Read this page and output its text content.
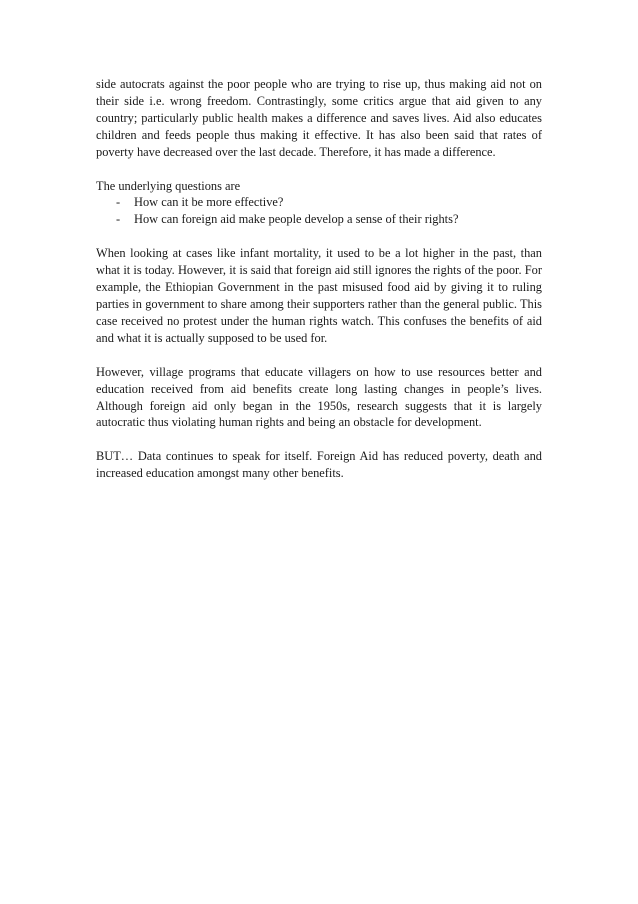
side autocrats against the poor people who are trying to rise up, thus making aid not on their side i.e. wrong freedom. Contrastingly, some critics argue that aid given to any country; particularly public health makes a difference and saves lives. Aid also educates children and feeds people thus making it effective. It has also been said that rates of poverty have decreased over the last decade. Therefore, it has made a difference.

The underlying questions are

-	How can it be more effective?
-	How can foreign aid make people develop a sense of their rights?

When looking at cases like infant mortality, it used to be a lot higher in the past, than what it is today. However, it is said that foreign aid still ignores the rights of the poor. For example, the Ethiopian Government in the past misused food aid by giving it to ruling parties in government to share among their supporters rather than the general public. This case received no protest under the human rights watch. This confuses the benefits of aid and what it is actually supposed to be used for.

However, village programs that educate villagers on how to use resources better and education received from aid benefits create long lasting changes in people’s lives. Although foreign aid only began in the 1950s, research suggests that it is largely autocratic thus violating human rights and being an obstacle for development.

BUT… Data continues to speak for itself. Foreign Aid has reduced poverty, death and increased education amongst many other benefits.
